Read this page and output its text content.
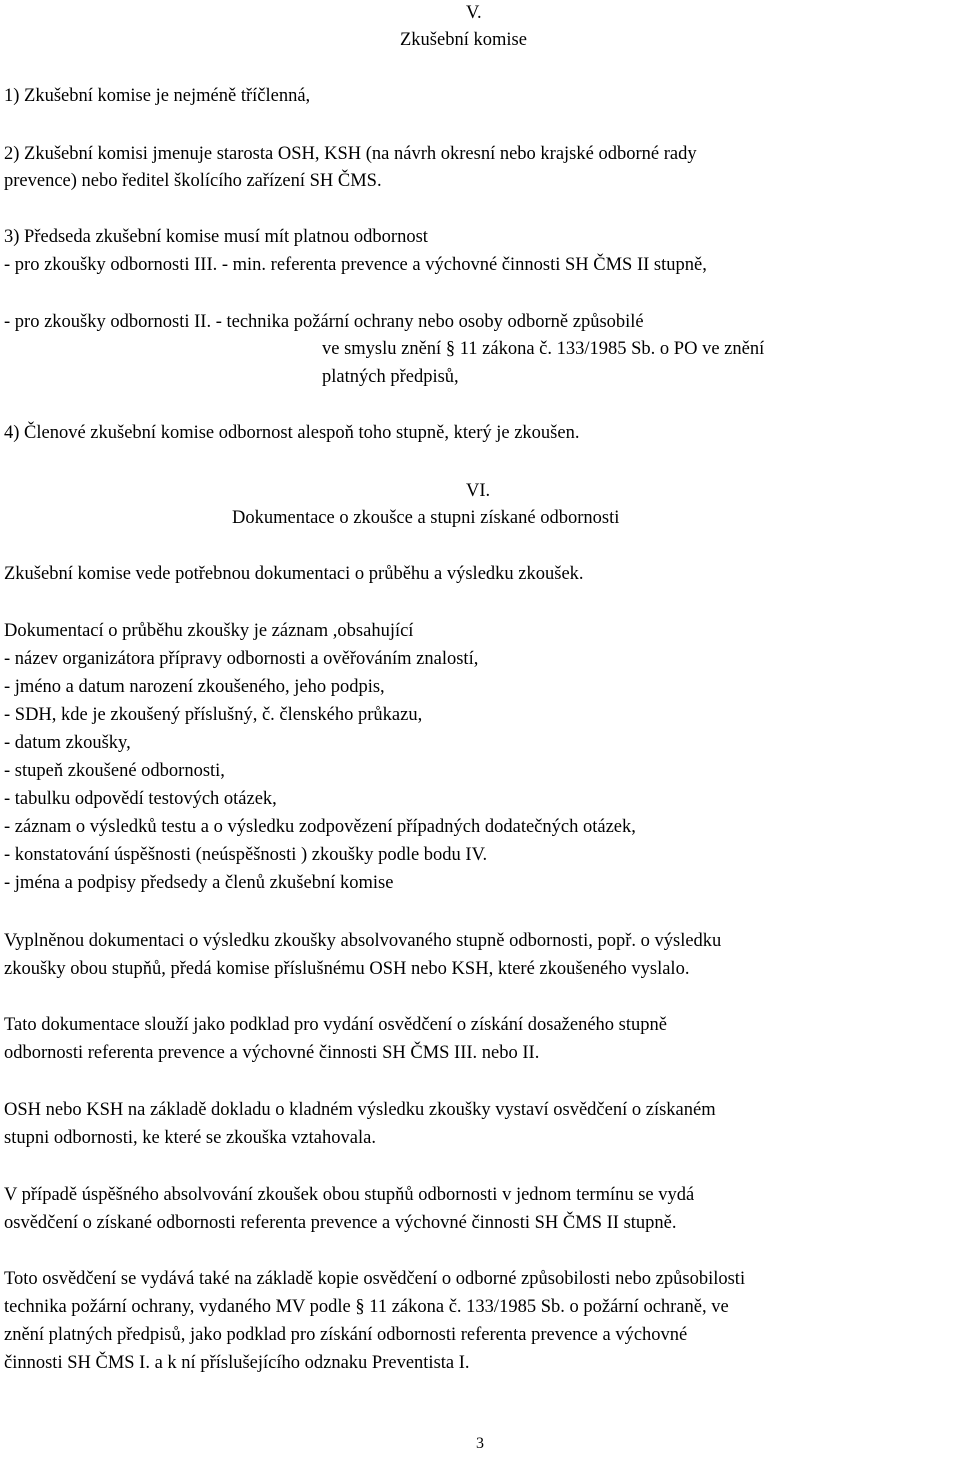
V.
Zkušební komise
1) Zkušební komise je nejméně tříčlenná,
2) Zkušební komisi jmenuje starosta OSH, KSH (na návrh okresní nebo krajské odborné rady
prevence) nebo ředitel školícího zařízení SH ČMS.
3) Předseda zkušební komise musí mít platnou odbornost
- pro zkoušky odbornosti III. - min. referenta prevence a výchovné činnosti SH ČMS II stupně,
- pro zkoušky odbornosti II. - technika požární ochrany nebo osoby odborně způsobilé
ve smyslu znění § 11 zákona č. 133/1985 Sb. o PO ve znění
platných předpisů,
4) Členové zkušební komise odbornost alespoň toho stupně, který je zkoušen.
VI.
Dokumentace o zkoušce a stupni získané odbornosti
Zkušební komise vede potřebnou dokumentaci o průběhu a výsledku zkoušek.
Dokumentací o průběhu zkoušky je záznam ,obsahující
- název organizátora přípravy odbornosti a ověřováním znalostí,
- jméno a datum narození zkoušeného, jeho podpis,
- SDH, kde je zkoušený příslušný, č. členského průkazu,
- datum zkoušky,
- stupeň zkoušené odbornosti,
- tabulku odpovědí testových otázek,
- záznam o výsledků testu a o výsledku zodpovězení případných dodatečných otázek,
- konstatování úspěšnosti (neúspěšnosti ) zkoušky podle bodu IV.
- jména a podpisy předsedy a členů zkušební komise
Vyplněnou dokumentaci o výsledku zkoušky absolvovaného stupně odbornosti, popř. o výsledku
zkoušky obou stupňů, předá komise příslušnému OSH nebo KSH, které zkoušeného vyslalo.
Tato dokumentace slouží jako podklad pro vydání osvědčení o získání dosaženého stupně
odbornosti referenta prevence a výchovné činnosti SH ČMS III. nebo II.
OSH nebo KSH na základě dokladu o kladném výsledku zkoušky vystaví osvědčení o získaném
stupni odbornosti, ke které se zkouška vztahovala.
V případě úspěšného absolvování zkoušek obou stupňů odbornosti v jednom termínu se vydá
osvědčení o získané odbornosti referenta prevence a výchovné činnosti SH ČMS II stupně.
Toto osvědčení se vydává také na základě kopie osvědčení o odborné způsobilosti nebo způsobilosti
technika požární ochrany, vydaného MV podle § 11 zákona č. 133/1985 Sb. o požární ochraně, ve
znění platných předpisů, jako podklad pro získání odbornosti referenta prevence a výchovné
činnosti SH ČMS I. a k ní příslušejícího odznaku Preventista I.
3
